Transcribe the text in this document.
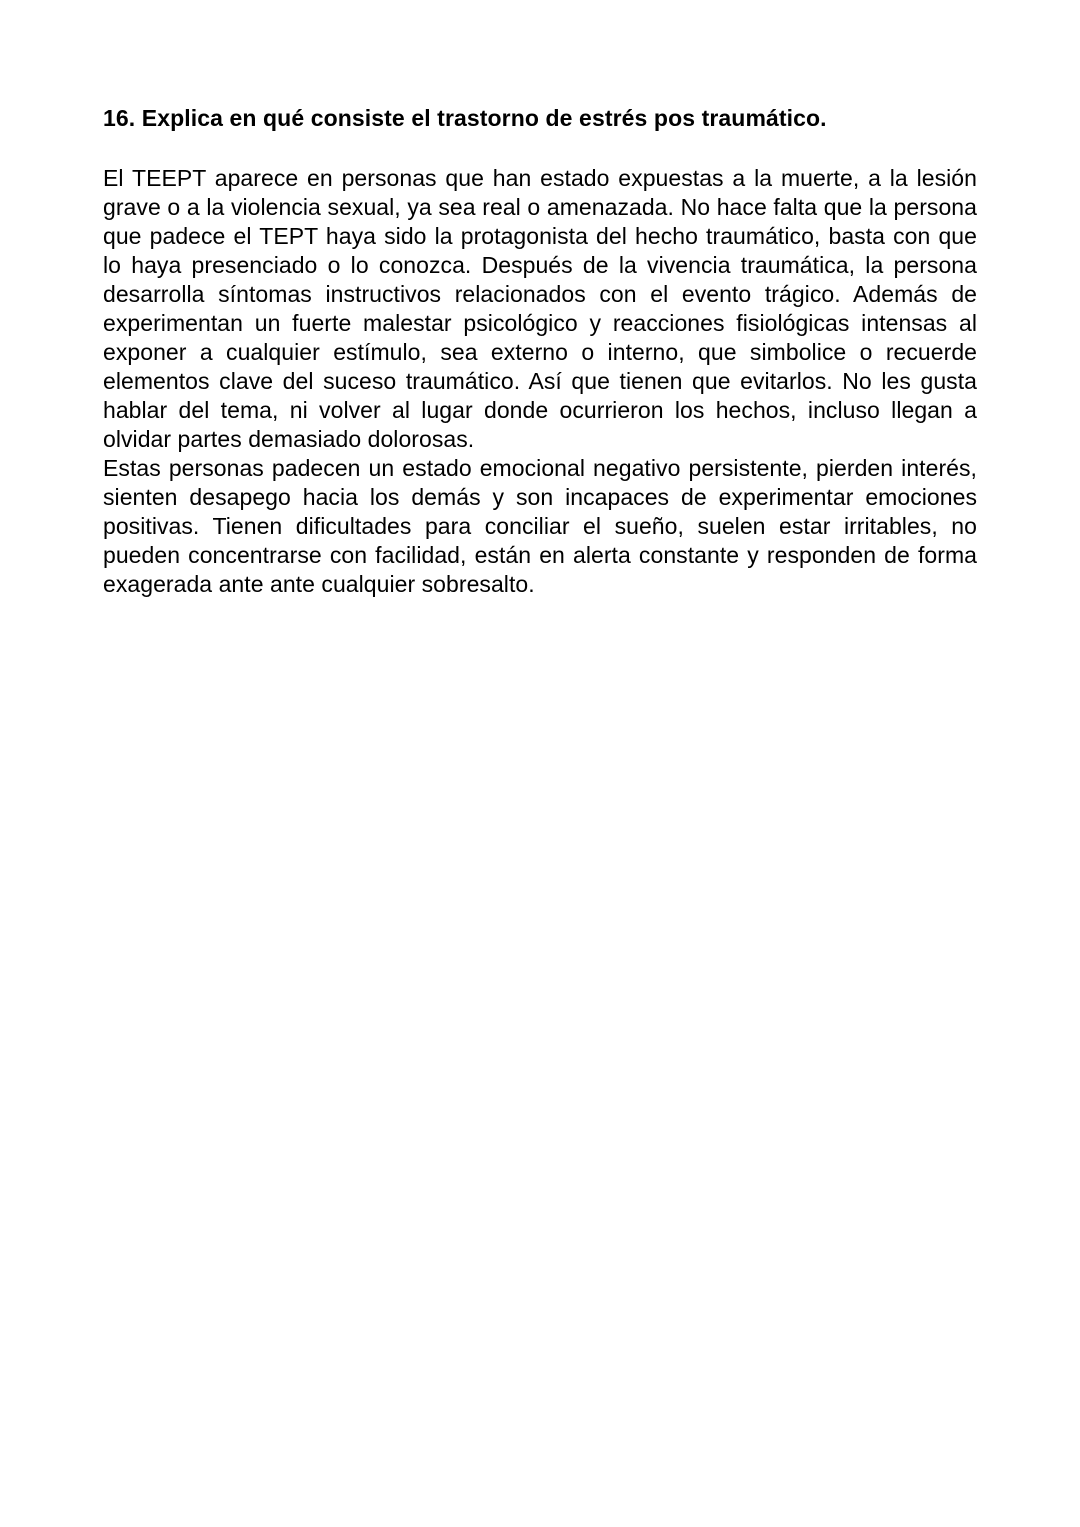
16. Explica en qué consiste el trastorno de estrés pos traumático.

El TEEPT aparece en personas que han estado expuestas a la muerte, a la lesión grave o a la violencia sexual, ya sea real o amenazada. No hace falta que la persona que padece el TEPT haya sido la protagonista del hecho traumático, basta con que lo haya presenciado o lo conozca. Después de la vivencia traumática, la persona desarrolla síntomas instructivos relacionados con el evento trágico. Además de experimentan un fuerte malestar psicológico y reacciones fisiológicas intensas al exponer a cualquier estímulo, sea externo o interno, que simbolice o recuerde elementos clave del suceso traumático. Así que tienen que evitarlos. No les gusta hablar del tema, ni volver al lugar donde ocurrieron los hechos, incluso llegan a olvidar partes demasiado dolorosas.

Estas personas padecen un estado emocional negativo persistente, pierden interés, sienten desapego hacia los demás y son incapaces de experimentar emociones positivas. Tienen dificultades para conciliar el sueño, suelen estar irritables, no pueden concentrarse con facilidad, están en alerta constante y responden de forma exagerada ante ante cualquier sobresalto.
